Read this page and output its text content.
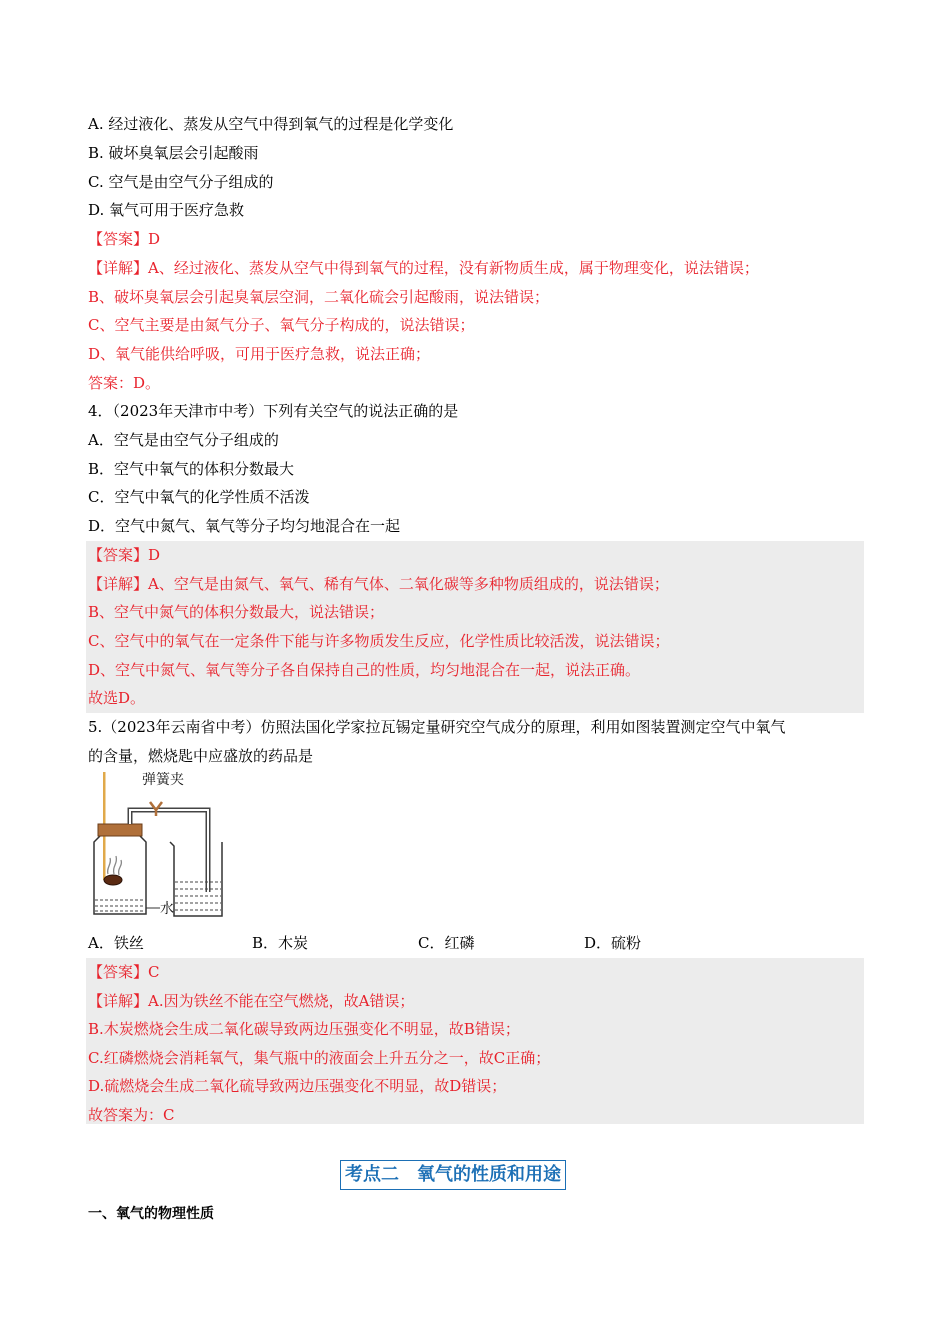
A. 经过液化、蒸发从空气中得到氧气的过程是化学变化
B. 破坏臭氧层会引起酸雨
C. 空气是由空气分子组成的
D. 氧气可用于医疗急救
【答案】D
【详解】A、经过液化、蒸发从空气中得到氧气的过程，没有新物质生成，属于物理变化，说法错误；
B、破坏臭氧层会引起臭氧层空洞，二氧化硫会引起酸雨，说法错误；
C、空气主要是由氮气分子、氧气分子构成的，说法错误；
D、氧气能供给呼吸，可用于医疗急救，说法正确；
答案：D。
4．（2023年天津市中考）下列有关空气的说法正确的是
A．空气是由空气分子组成的
B．空气中氧气的体积分数最大
C．空气中氧气的化学性质不活泼
D．空气中氮气、氧气等分子均匀地混合在一起
【答案】D
【详解】A、空气是由氮气、氧气、稀有气体、二氧化碳等多种物质组成的，说法错误；
B、空气中氮气的体积分数最大，说法错误；
C、空气中的氧气在一定条件下能与许多物质发生反应，化学性质比较活泼，说法错误；
D、空气中氮气、氧气等分子各自保持自己的性质，均匀地混合在一起，说法正确。
故选D。
5.（2023年云南省中考）仿照法国化学家拉瓦锡定量研究空气成分的原理，利用如图装置测定空气中氧气
的含量，燃烧匙中应盛放的药品是
弹簧夹
水
A．铁丝	B．木炭	C．红磷	D．硫粉
【答案】C
【详解】A.因为铁丝不能在空气燃烧，故A错误；
B.木炭燃烧会生成二氧化碳导致两边压强变化不明显，故B错误；
C.红磷燃烧会消耗氧气，集气瓶中的液面会上升五分之一，故C正确；
D.硫燃烧会生成二氧化硫导致两边压强变化不明显，故D错误；
故答案为：C
考点二　氧气的性质和用途
一、氧气的物理性质
